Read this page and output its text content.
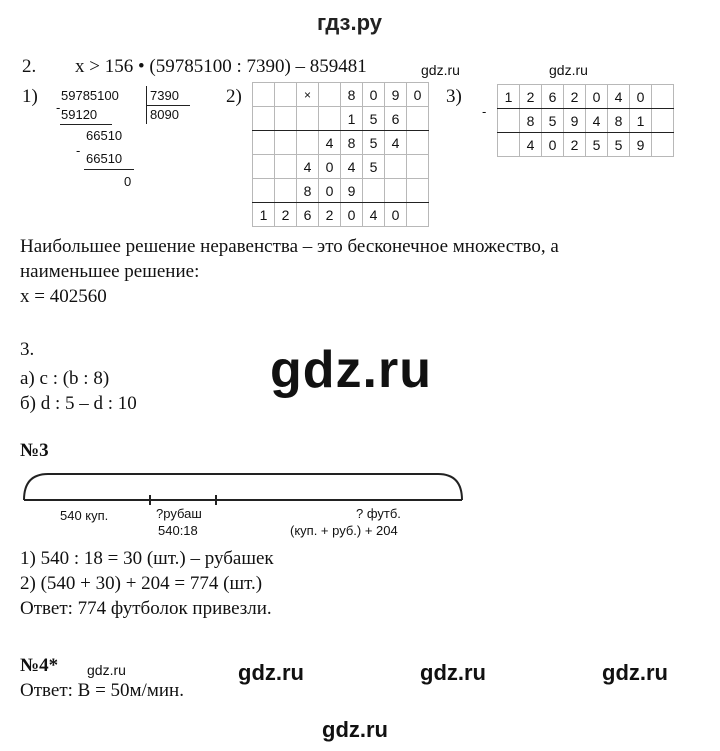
гдз.ру
2. x > 156 • (59785100 : 7390) – 859481	gdz.ru	gdz.ru
1)	2)	3)
59785100 7390
8090
- 59120
66510
-
66510
0
		×		8	0	9	0
				1	5	6	
			4	8	5	4	
		4	0	4	5		
		8	0	9			
1	2	6	2	0	4	0	
-
1	2	6	2	0	4	0	
	8	5	9	4	8	1	
	4	0	2	5	5	9	
Наибольшее решение неравенства – это бесконечное множество, а
наименьшее решение:
x = 402560
3.
а) c : (b : 8)
б) d : 5 – d : 10
gdz.ru
№3
540 куп.	?рубаш
540:18
? футб.
(куп. + руб.) + 204
1) 540 : 18 = 30 (шт.) – рубашек
2) (540 + 30) + 204 = 774 (шт.)
Ответ: 774 футболок привезли.
№4* gdz.ru	gdz.ru	gdz.ru	gdz.ru
Ответ: В = 50м/мин.
gdz.ru
